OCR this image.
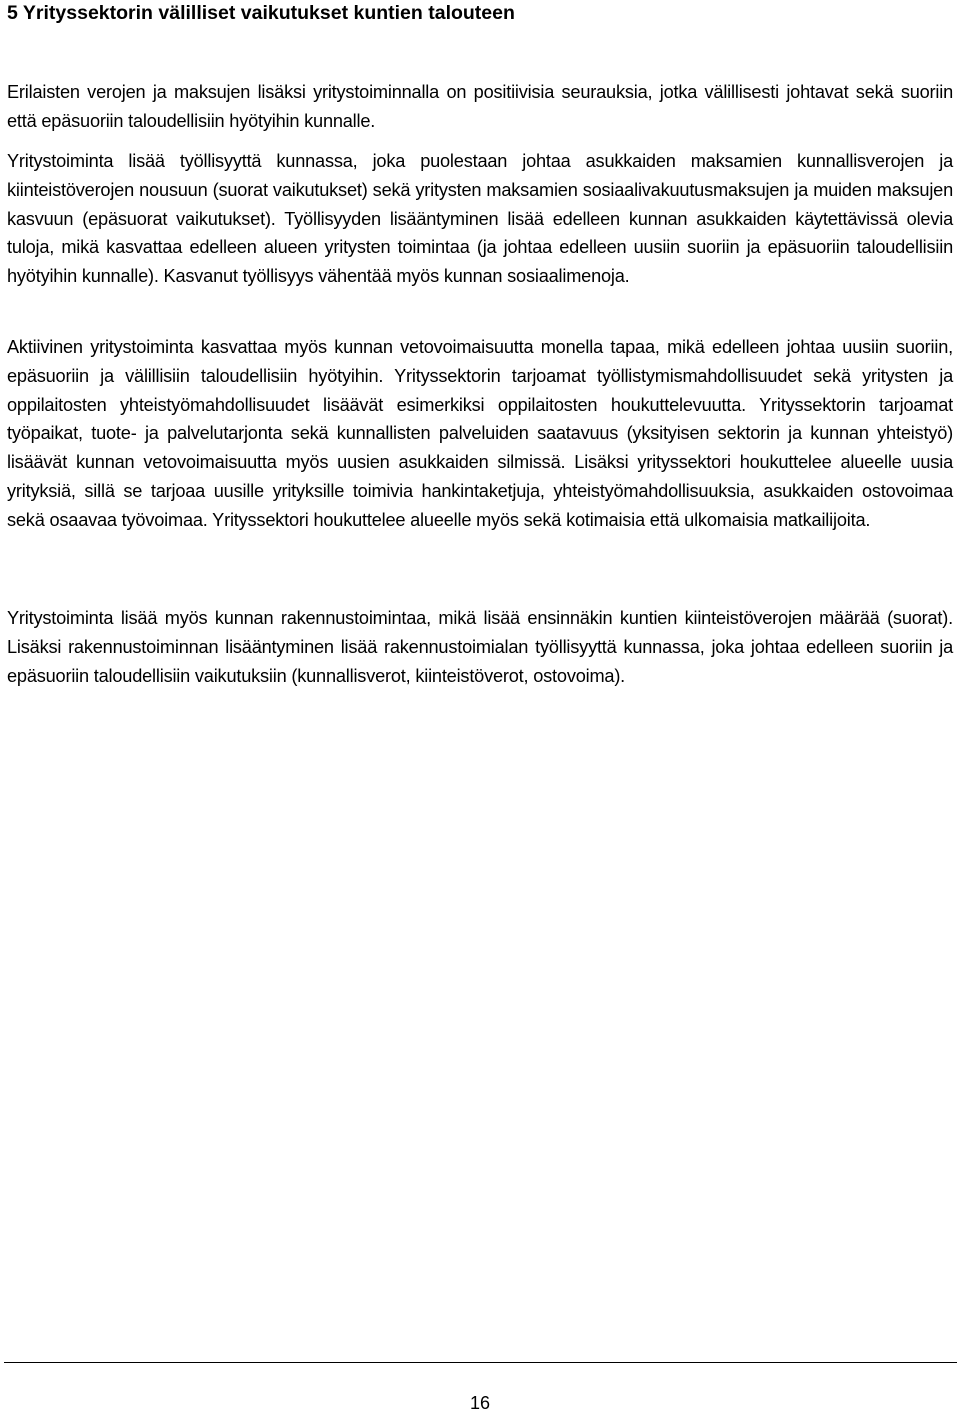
5 Yrityssektorin välilliset vaikutukset kuntien talouteen

Erilaisten verojen ja maksujen lisäksi yritystoiminnalla on positiivisia seurauksia, jotka välillisesti johtavat sekä suoriin että epäsuoriin taloudellisiin hyötyihin kunnalle.

Yritystoiminta lisää työllisyyttä kunnassa, joka puolestaan johtaa asukkaiden maksamien kunnallisverojen ja kiinteistöverojen nousuun (suorat vaikutukset) sekä yritysten maksamien sosiaalivakuutusmaksujen ja muiden maksujen kasvuun (epäsuorat vaikutukset). Työllisyyden lisääntyminen lisää edelleen kunnan asukkaiden käytettävissä olevia tuloja, mikä kasvattaa edelleen alueen yritysten toimintaa (ja johtaa edelleen uusiin suoriin ja epäsuoriin taloudellisiin hyötyihin kunnalle). Kasvanut työllisyys vähentää myös kunnan sosiaalimenoja.

Aktiivinen yritystoiminta kasvattaa myös kunnan vetovoimaisuutta monella tapaa, mikä edelleen johtaa uusiin suoriin, epäsuoriin ja välillisiin taloudellisiin hyötyihin. Yrityssektorin tarjoamat työllistymismahdollisuudet sekä yritysten ja oppilaitosten yhteistyömahdollisuudet lisäävät esimerkiksi oppilaitosten houkuttelevuutta. Yrityssektorin tarjoamat työpaikat, tuote- ja palvelutarjonta sekä kunnallisten palveluiden saatavuus (yksityisen sektorin ja kunnan yhteistyö) lisäävät kunnan vetovoimaisuutta myös uusien asukkaiden silmissä. Lisäksi yrityssektori houkuttelee alueelle uusia yrityksiä, sillä se tarjoaa uusille yrityksille toimivia hankintaketjuja, yhteistyömahdollisuuksia, asukkaiden ostovoimaa sekä osaavaa työvoimaa. Yrityssektori houkuttelee alueelle myös sekä kotimaisia että ulkomaisia matkailijoita.

Yritystoiminta lisää myös kunnan rakennustoimintaa, mikä lisää ensinnäkin kuntien kiinteistöverojen määrää (suorat). Lisäksi rakennustoiminnan lisääntyminen lisää rakennustoimialan työllisyyttä kunnassa, joka johtaa edelleen suoriin ja epäsuoriin taloudellisiin vaikutuksiin (kunnallisverot, kiinteistöverot, ostovoima).

16
